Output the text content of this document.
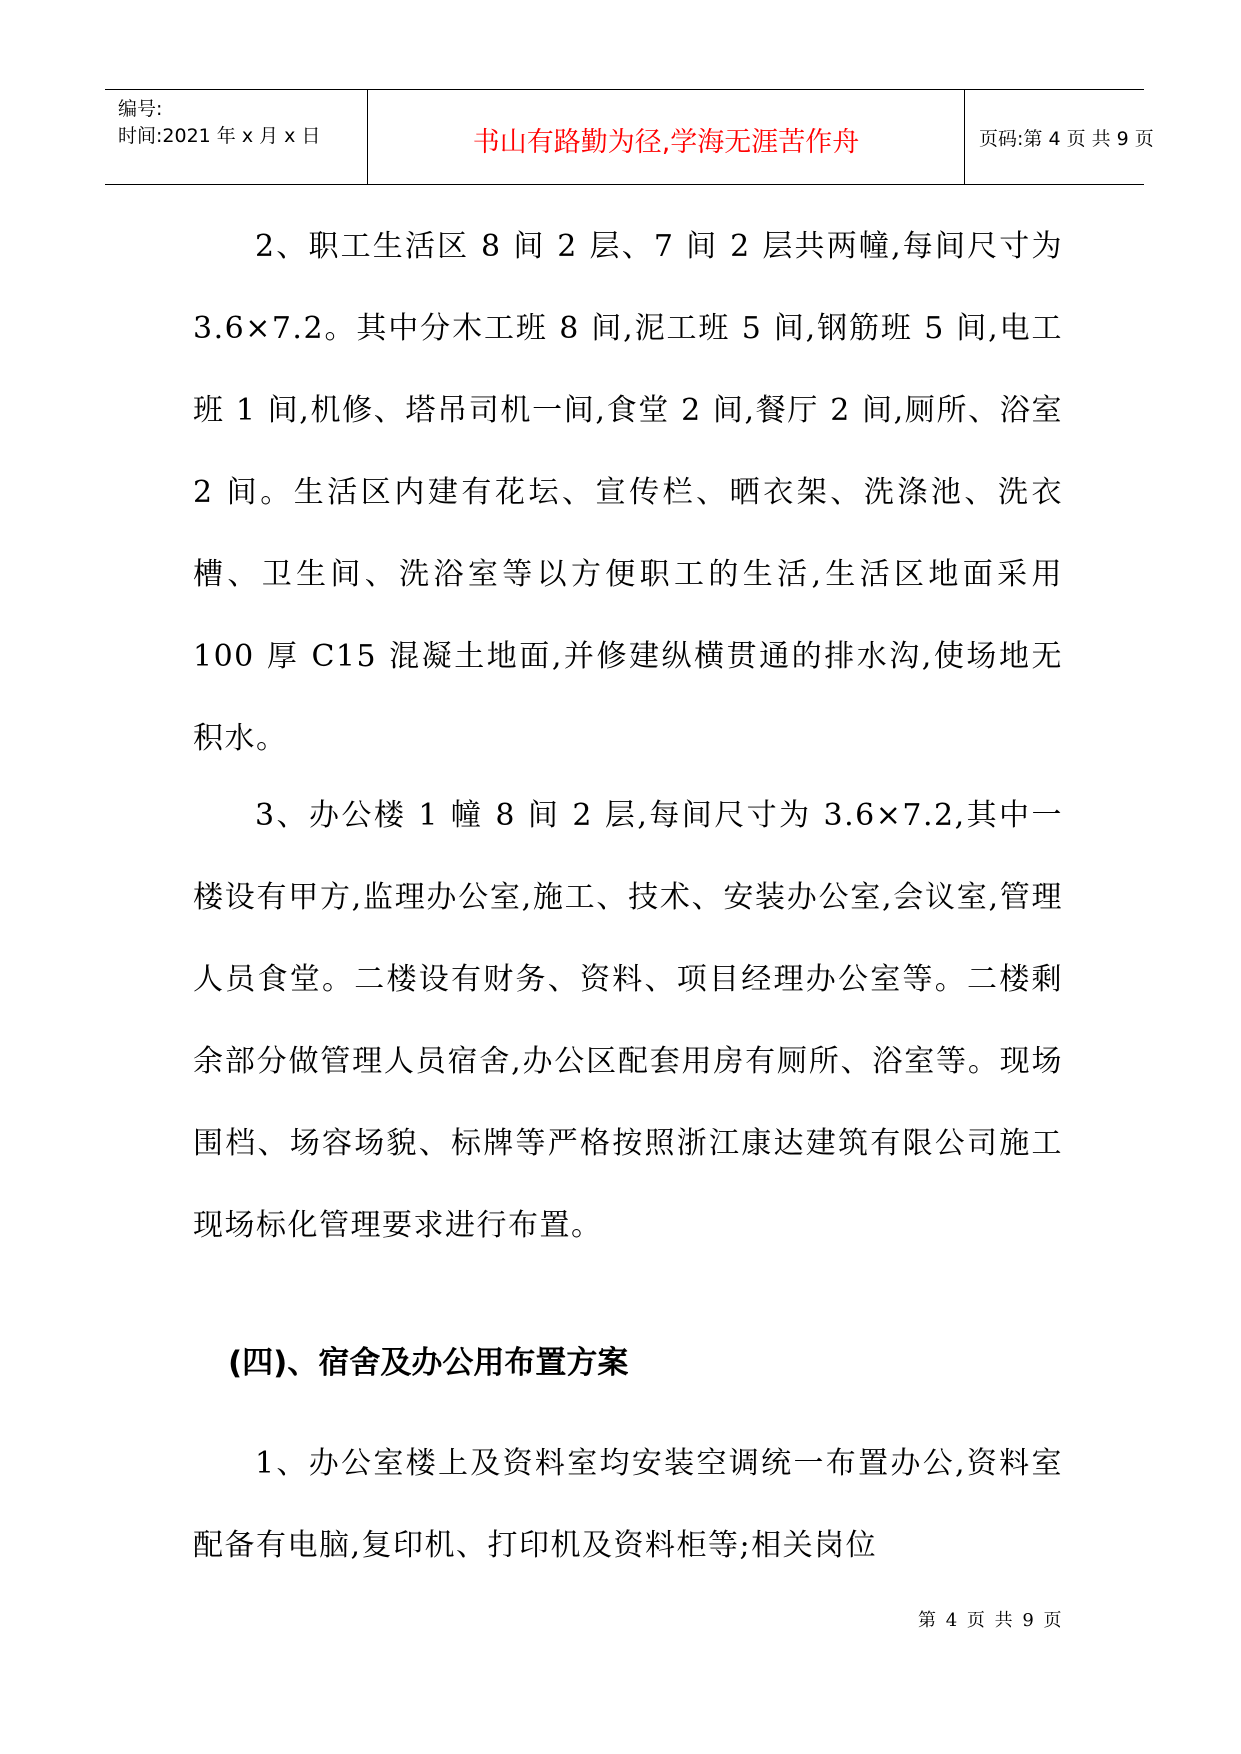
编号:
时间:2021 年 x 月 x 日	书山有路勤为径,学海无涯苦作舟	页码:第 4 页 共 9 页

2、职工生活区 8 间 2 层、7 间 2 层共两幢,每间尺寸为 3.6×7.2。其中分木工班 8 间,泥工班 5 间,钢筋班 5 间,电工班 1 间,机修、塔吊司机一间,食堂 2 间,餐厅 2 间,厕所、浴室 2 间。生活区内建有花坛、宣传栏、晒衣架、洗涤池、洗衣槽、卫生间、洗浴室等以方便职工的生活,生活区地面采用 100 厚 C15 混凝土地面,并修建纵横贯通的排水沟,使场地无积水。

3、办公楼 1 幢 8 间 2 层,每间尺寸为 3.6×7.2,其中一楼设有甲方,监理办公室,施工、技术、安装办公室,会议室,管理人员食堂。二楼设有财务、资料、项目经理办公室等。二楼剩余部分做管理人员宿舍,办公区配套用房有厕所、浴室等。现场围档、场容场貌、标牌等严格按照浙江康达建筑有限公司施工现场标化管理要求进行布置。

(四)、宿舍及办公用布置方案

1、办公室楼上及资料室均安装空调统一布置办公,资料室配备有电脑,复印机、打印机及资料柜等;相关岗位

第 4 页 共 9 页
